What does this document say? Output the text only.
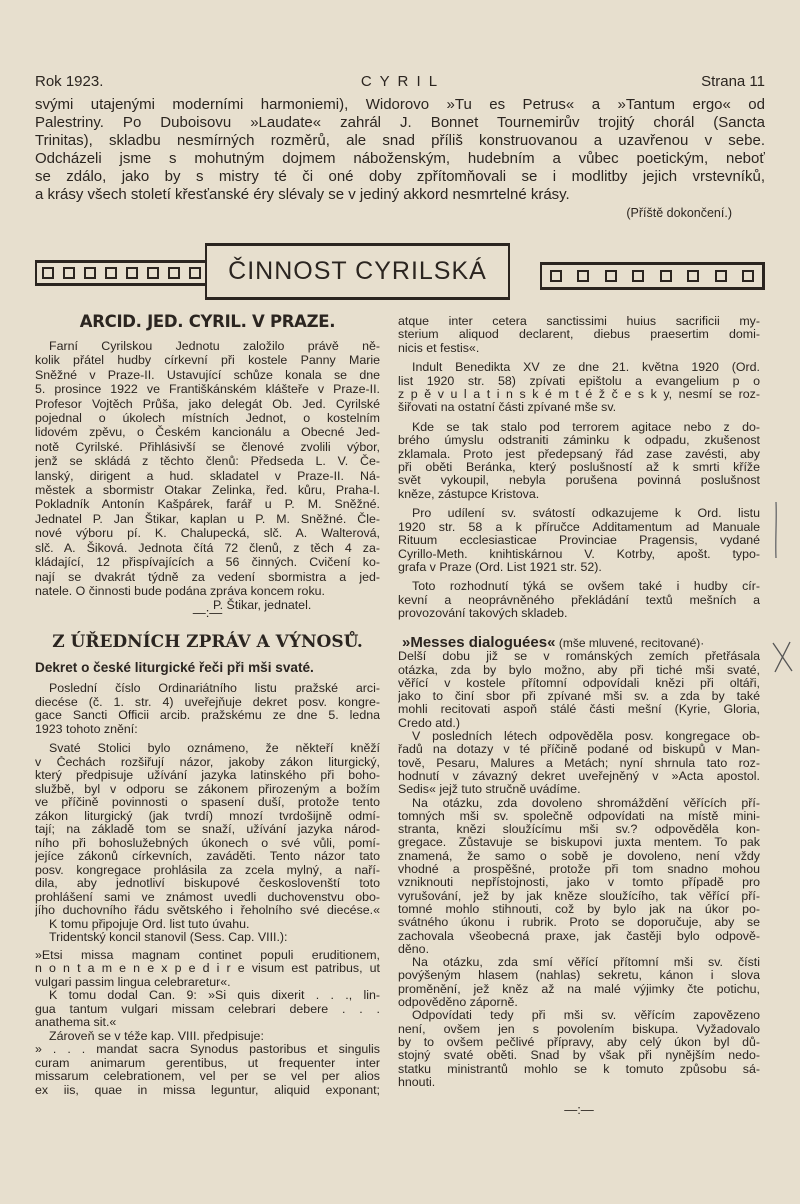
Rok 1923.	C Y R I L	Strana 11
svými utajenými moderními harmoniemi), Widorovo »Tu es Petrus« a »Tantum ergo« od
Palestriny. Po Duboisovu »Laudate« zahrál J. Bonnet Tournemirův trojitý chorál (Sancta
Trinitas), skladbu nesmírných rozměrů, ale snad příliš konstruovanou a uzavřenou v sebe.
Odcházeli jsme s mohutným dojmem náboženským, hudebním a vůbec poetickým, neboť
se zdálo, jako by s mistry té či oné doby zpřítomňovali se i modlitby jejich vrstevníků,
a krásy všech století křesťanské éry slévaly se v jediný akkord nesmrtelné krásy.
(Příště dokončení.)
ČINNOST CYRILSKÁ
ARCID. JED. CYRIL. V PRAZE.
Farní Cyrilskou Jednotu založilo právě ně-
kolik přátel hudby církevní při kostele Panny Marie
Sněžné v Praze-II. Ustavující schůze konala se dne
5. prosince 1922 ve Františkánském klášteře v Praze-II.
Profesor Vojtěch Průša, jako delegát Ob. Jed. Cyrilské
pojednal o úkolech místních Jednot, o kostelním
lidovém zpěvu, o Českém kancionálu a Obecné Jed-
notě Cyrilské. Přihlásivší se členové zvolili výbor,
jenž se skládá z těchto členů: Předseda L. V. Če-
lanský, dirigent a hud. skladatel v Praze-II. Ná-
městek a sbormistr Otakar Zelinka, řed. kůru, Praha-I.
Pokladník Antonín Kašpárek, farář u P. M. Sněžné.
Jednatel P. Jan Štikar, kaplan u P. M. Sněžné. Čle-
nové výboru pí. K. Chalupecká, slč. A. Walterová,
slč. A. Šiková. Jednota čítá 72 členů, z těch 4 za-
kládající, 12 přispívajících a 56 činných. Cvičení ko-
nají se dvakrát týdně za vedení sbormistra a jed-
natele. O činnosti bude podána zpráva koncem roku.
P. Štikar, jednatel.
—:—
Z ÚŘEDNÍCH ZPRÁV A VÝNOSŮ.
Dekret o české liturgické řeči při mši svaté.
Poslední číslo Ordinariátního listu pražské arci-
diecése (č. 1. str. 4) uveřejňuje dekret posv. kongre-
gace Sancti Officii arcib. pražskému ze dne 5. ledna
1923 tohoto znění:
Svaté Stolici bylo oznámeno, že někteří kněží
v Čechách rozšiřují názor, jakoby zákon liturgický,
který předpisuje užívání jazyka latinského při boho-
službě, byl v odporu se zákonem přirozeným a božím
ve příčině povinnosti o spasení duší, protože tento
zákon liturgický (jak tvrdí) mnozí tvrdošijně odmí-
tají; na základě tom se snaží, užívání jazyka národ-
ního při bohoslužebných úkonech o své vůli, pomí-
jejíce zákonů církevních, zaváděti. Tento názor tato
posv. kongregace prohlásila za zcela mylný, a naří-
dila, aby jednotliví biskupové českoslovenští toto
prohlášení sami ve známost uvedli duchovenstvu obo-
jího duchovního řádu světského i řeholního své diecése.«
K tomu připojuje Ord. list tuto úvahu.
Tridentský koncil stanovil (Sess. Cap. VIII.):
»Etsi missa magnam continet populi eruditionem,
n o n t a m e n e x p e d i r e visum est patribus, ut
vulgari passim lingua celebraretur«.
K tomu dodal Can. 9: »Si quis dixerit . . ., lin-
gua tantum vulgari missam celebrari debere . . .
anathema sit.«
Zároveň se v téže kap. VIII. předpisuje:
» . . . mandat sacra Synodus pastoribus et singulis
curam animarum gerentibus, ut frequenter inter
missarum celebrationem, vel per se vel per alios
ex iis, quae in missa leguntur, aliquid exponant;
atque inter cetera sanctissimi huius sacrificii my-
sterium aliquod declarent, diebus praesertim domi-
nicis et festis«.
Indult Benedikta XV ze dne 21. května 1920 (Ord.
list 1920 str. 58) zpívati epištolu a evangelium p o
z p ě v u l a t i n s k é m t é ž č e s k y, nesmí se roz-
šiřovati na ostatní části zpívané mše sv.
Kde se tak stalo pod terrorem agitace nebo z do-
brého úmyslu odstraniti záminku k odpadu, zkušenost
zklamala. Proto jest předepsaný řád zase zavésti, aby
při oběti Beránka, který poslušností až k smrti kříže
svět vykoupil, nebyla porušena povinná poslušnost
kněze, zástupce Kristova.
Pro udílení sv. svátostí odkazujeme k Ord. listu
1920 str. 58 a k příručce Additamentum ad Manuale
Rituum ecclesiasticae Provinciae Pragensis, vydané
Cyrillo-Meth. knihtiskárnou V. Kotrby, apošt. typo-
grafa v Praze (Ord. List 1921 str. 52).
Toto rozhodnutí týká se ovšem také i hudby cír-
kevní a neoprávněného překládání textů mešních a
provozování takových skladeb.
»Messes dialoguées« (mše mluvené, recitované)·
Delší dobu již se v románských zemích přetřásala
otázka, zda by bylo možno, aby při tiché mši svaté,
věřící v kostele přítomní odpovídali knězi při oltáři,
jako to činí sbor při zpívané mši sv. a zda by také
mohli recitovati aspoň stálé části mešní (Kyrie, Gloria,
Credo atd.)
V posledních létech odpověděla posv. kongregace ob-
řadů na dotazy v té příčině podané od biskupů v Man-
tově, Pesaru, Malures a Metách; nyní shrnula tato roz-
hodnutí v závazný dekret uveřejněný v »Acta apostol.
Sedis« jejž tuto stručně uvádíme.
Na otázku, zda dovoleno shromáždění věřících pří-
tomných mši sv. společně odpovídati na místě mini-
stranta, knězi sloužícímu mši sv.? odpověděla kon-
gregace. Zůstavuje se biskupovi juxta mentem. To pak
znamená, že samo o sobě je dovoleno, není vždy
vhodné a prospěšné, protože při tom snadno mohou
vzniknouti nepřístojnosti, jako v tomto případě pro
vyrušování, jež by jak kněze sloužícího, tak věřící pří-
tomné mohlo stihnouti, což by bylo jak na úkor po-
svátného úkonu i rubrik. Proto se doporučuje, aby se
zachovala všeobecná praxe, jak častěji bylo odpově-
děno.
Na otázku, zda smí věřící přítomní mši sv. čísti
povýšeným hlasem (nahlas) sekretu, kánon i slova
proměnění, jež kněz až na malé výjimky čte potichu,
odpověděno záporně.
Odpovídati tedy při mši sv. věřícím zapovězeno
není, ovšem jen s povolením biskupa. Vyžadovalo
by to ovšem pečlivé přípravy, aby celý úkon byl dů-
stojný svaté oběti. Snad by však při nynějším nedo-
statku ministrantů mohlo se k tomuto způsobu sá-
hnouti.
—:—
